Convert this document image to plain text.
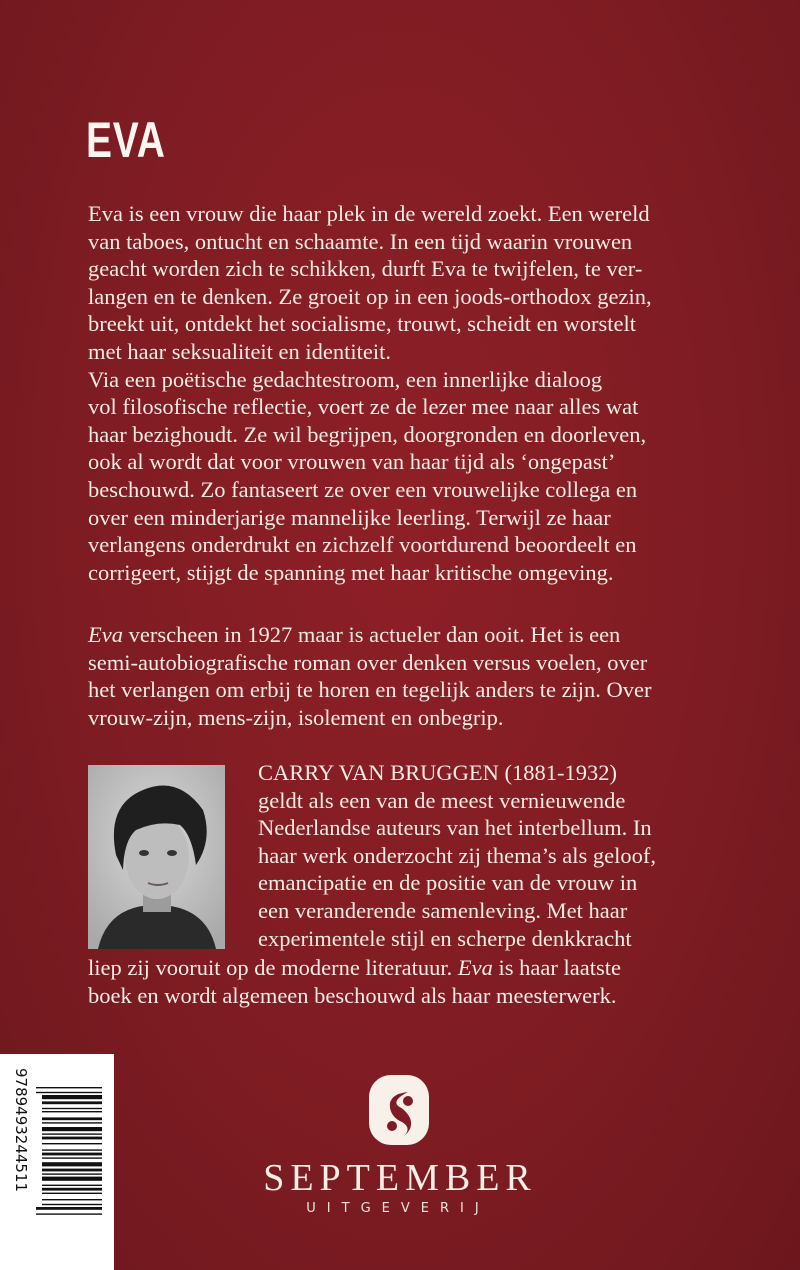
EVA
Eva is een vrouw die haar plek in de wereld zoekt. Een wereld
van taboes, ontucht en schaamte. In een tijd waarin vrouwen
geacht worden zich te schikken, durft Eva te twijfelen, te ver-
langen en te denken. Ze groeit op in een joods-orthodox gezin,
breekt uit, ontdekt het socialisme, trouwt, scheidt en worstelt
met haar seksualiteit en identiteit.
Via een poëtische gedachtestroom, een innerlijke dialoog
vol filosofische reflectie, voert ze de lezer mee naar alles wat
haar bezighoudt. Ze wil begrijpen, doorgronden en doorleven,
ook al wordt dat voor vrouwen van haar tijd als ‘ongepast’
beschouwd. Zo fantaseert ze over een vrouwelijke collega en
over een minderjarige mannelijke leerling. Terwijl ze haar
verlangens onderdrukt en zichzelf voortdurend beoordeelt en
corrigeert, stijgt de spanning met haar kritische omgeving.
Eva verscheen in 1927 maar is actueler dan ooit. Het is een
semi-autobiografische roman over denken versus voelen, over
het verlangen om erbij te horen en tegelijk anders te zijn. Over
vrouw-zijn, mens-zijn, isolement en onbegrip.
CARRY VAN BRUGGEN (1881-1932)
geldt als een van de meest vernieuwende
Nederlandse auteurs van het interbellum. In
haar werk onderzocht zij thema’s als geloof,
emancipatie en de positie van de vrouw in
een veranderende samenleving. Met haar
experimentele stijl en scherpe denkkracht
liep zij vooruit op de moderne literatuur. Eva is haar laatste
boek en wordt algemeen beschouwd als haar meesterwerk.
9789493244511	SEPTEMBER
UITGEVERIJ
